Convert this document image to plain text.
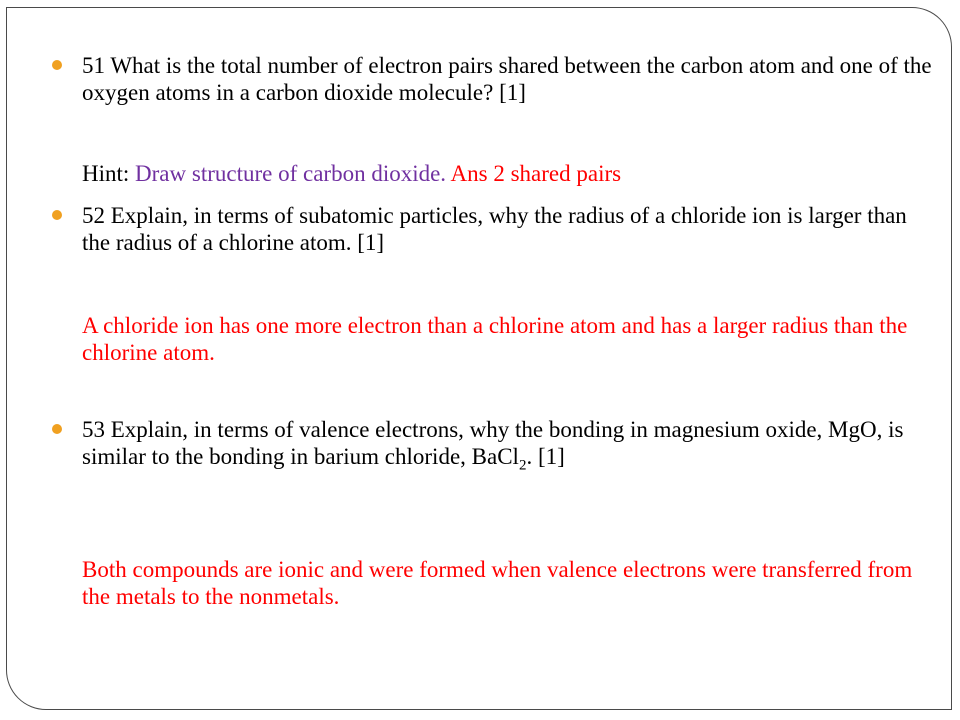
51 What is the total number of electron pairs shared between the carbon atom and one of the oxygen atoms in a carbon dioxide molecule? [1]

Hint: Draw structure of carbon dioxide. Ans 2 shared pairs

52 Explain, in terms of subatomic particles, why the radius of a chloride ion is larger than the radius of a chlorine atom. [1]

A chloride ion has one more electron than a chlorine atom and has a larger radius than the chlorine atom.

53 Explain, in terms of valence electrons, why the bonding in magnesium oxide, MgO, is similar to the bonding in barium chloride, BaCl$_2$. [1]

Both compounds are ionic and were formed when valence electrons were transferred from the metals to the nonmetals.
